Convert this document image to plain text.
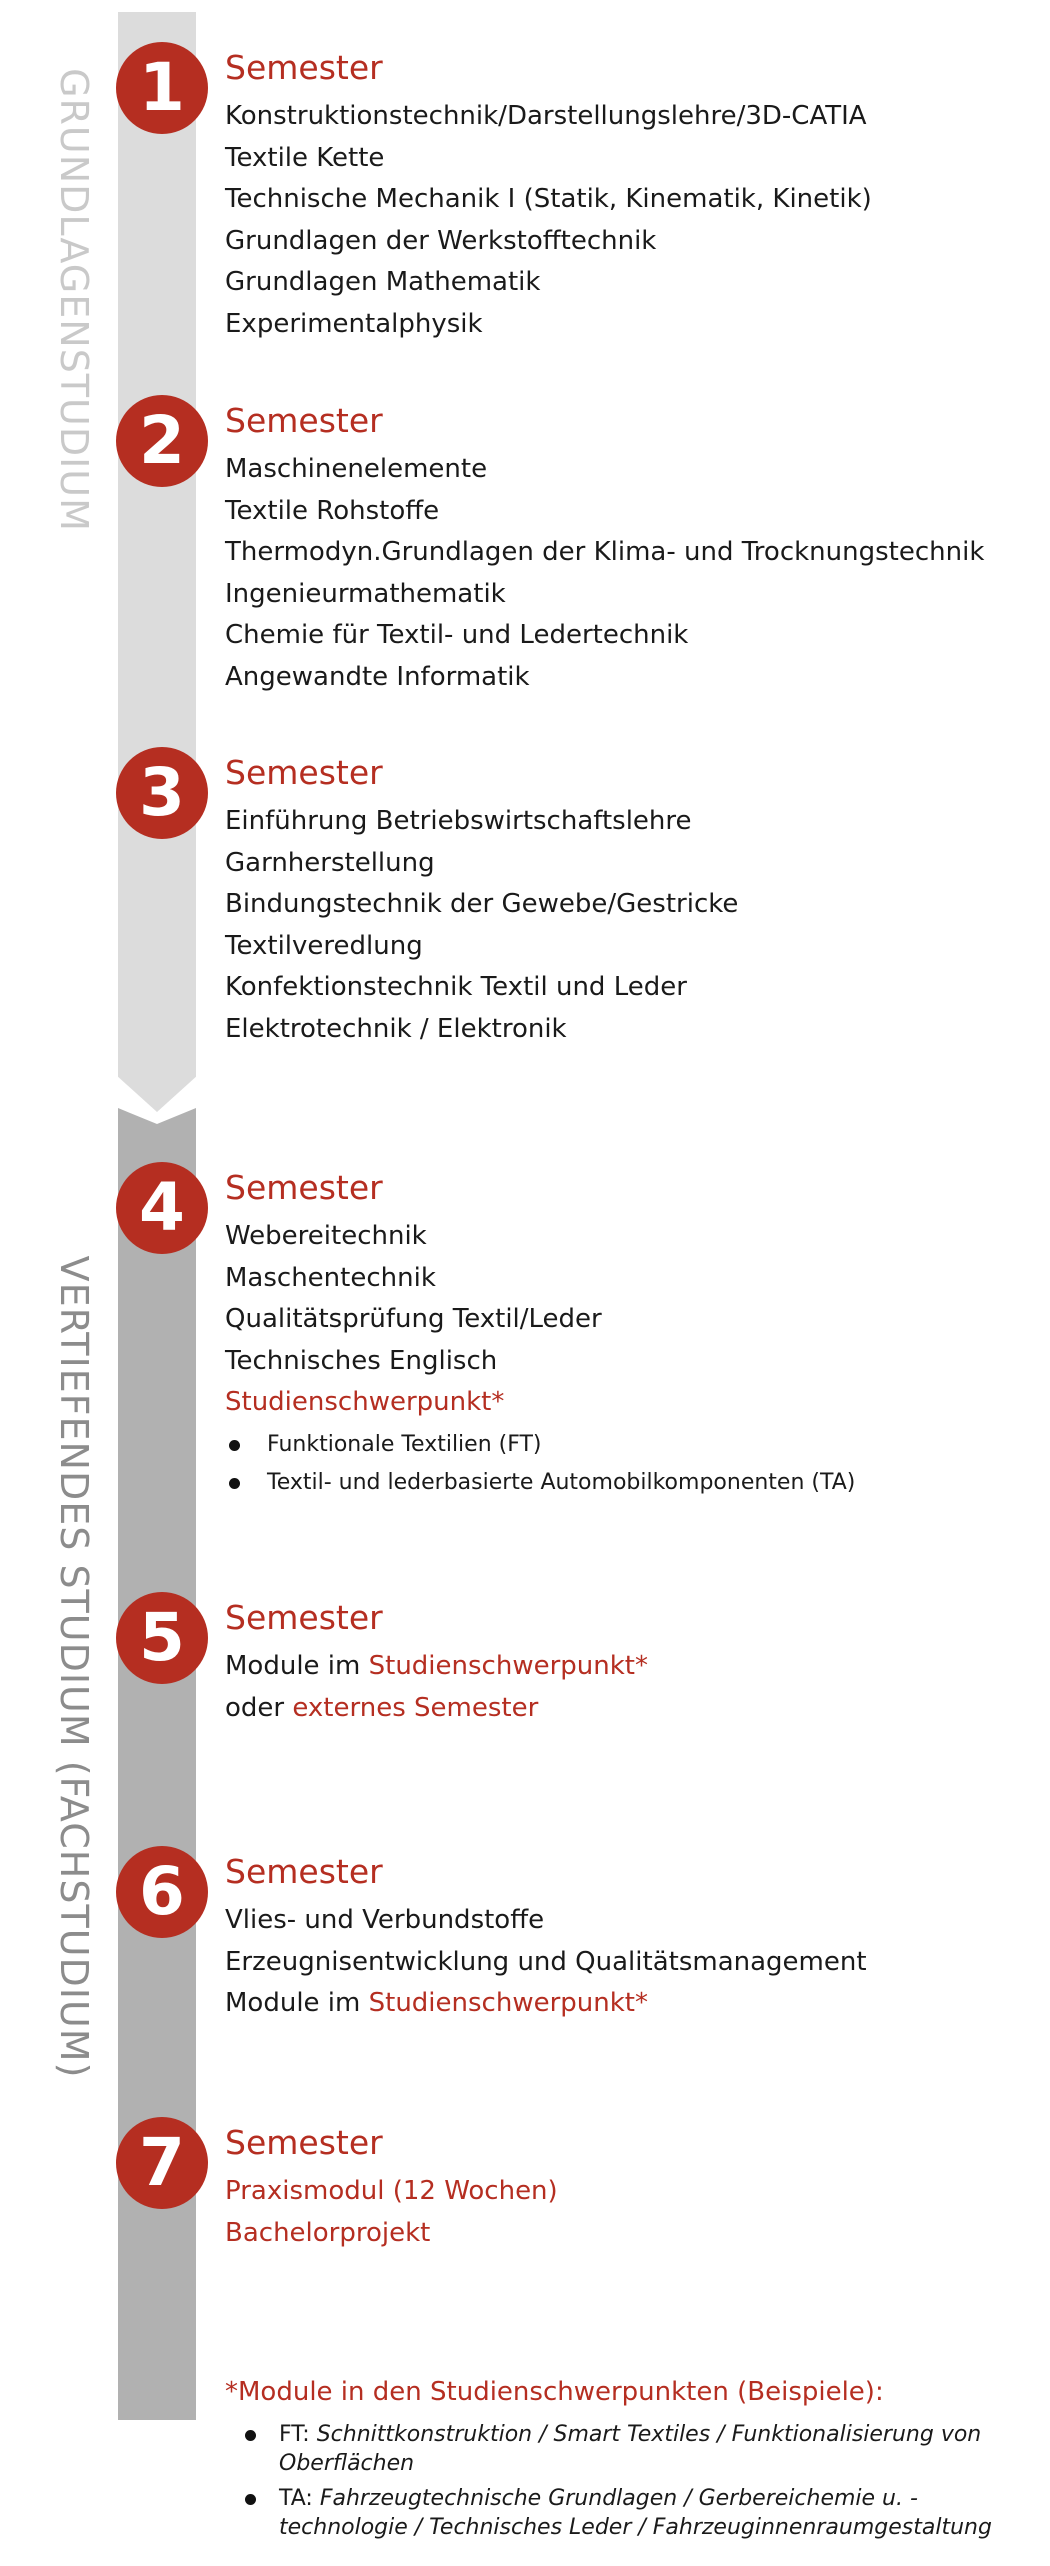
GRUNDLAGENSTUDIUM
VERTIEFENDES STUDIUM (FACHSTUDIUM)
1	Semester
Konstruktionstechnik/Darstellungslehre/3D-CATIA
Textile Kette
Technische Mechanik I (Statik, Kinematik, Kinetik)
Grundlagen der Werkstofftechnik
Grundlagen Mathematik
Experimentalphysik
2	Semester
Maschinenelemente
Textile Rohstoffe
Thermodyn.Grundlagen der Klima- und Trocknungstechnik
Ingenieurmathematik
Chemie für Textil- und Ledertechnik
Angewandte Informatik
3	Semester
Einführung Betriebswirtschaftslehre
Garnherstellung
Bindungstechnik der Gewebe/Gestricke
Textilveredlung
Konfektionstechnik Textil und Leder
Elektrotechnik / Elektronik
4	Semester
Webereitechnik
Maschentechnik
Qualitätsprüfung Textil/Leder
Technisches Englisch
Studienschwerpunkt*
Funktionale Textilien (FT)
Textil- und lederbasierte Automobilkomponenten (TA)
5	Semester
Module im Studienschwerpunkt*
oder externes Semester
6	Semester
Vlies- und Verbundstoffe
Erzeugnisentwicklung und Qualitätsmanagement
Module im Studienschwerpunkt*
7	Semester
Praxismodul (12 Wochen)
Bachelorprojekt
*Module in den Studienschwerpunkten (Beispiele):
FT: Schnittkonstruktion / Smart Textiles / Funktionalisierung von Oberflächen
TA: Fahrzeugtechnische Grundlagen / Gerbereichemie u. -technologie / Technisches Leder / Fahrzeuginnenraumgestaltung
